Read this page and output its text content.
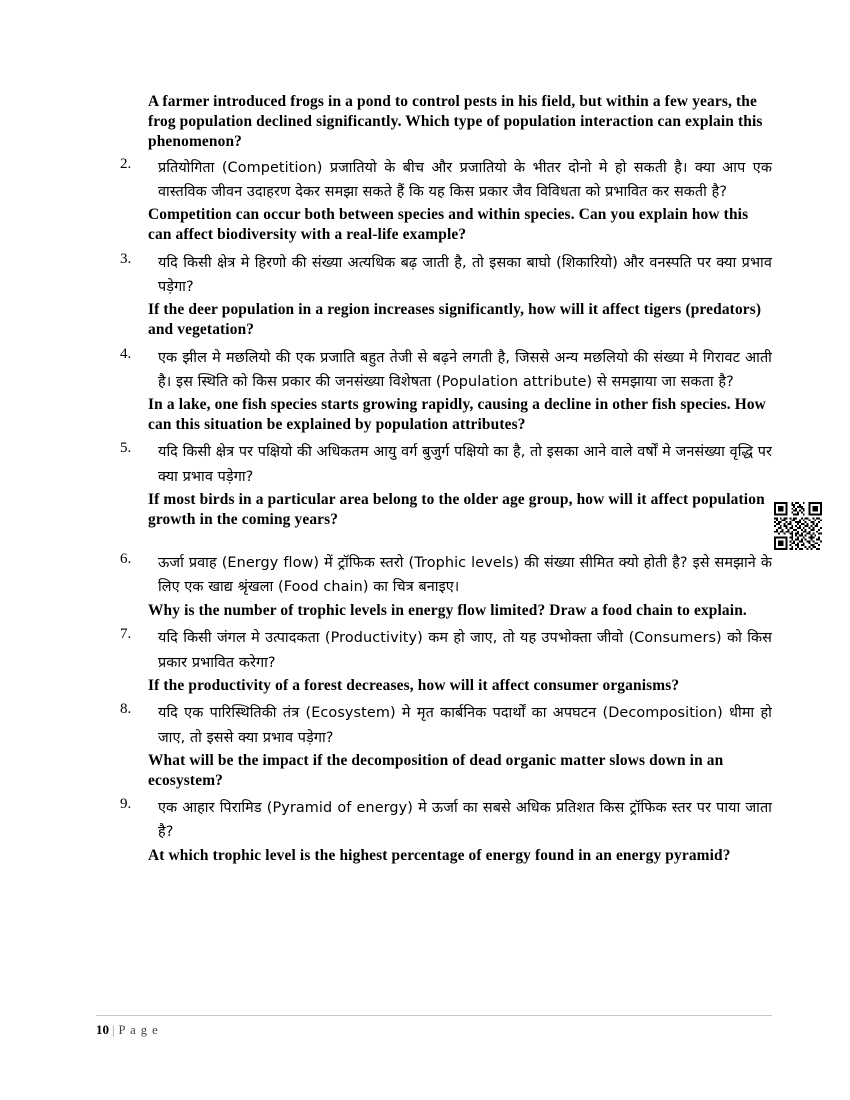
A farmer introduced frogs in a pond to control pests in his field, but within a few years, the frog population declined significantly. Which type of population interaction can explain this phenomenon?

2.	प्रतियोगिता (Competition) प्रजातियो के बीच और प्रजातियो के भीतर दोनो मे हो सकती है। क्या आप एक वास्तविक जीवन उदाहरण देकर समझा सकते हैं कि यह किस प्रकार जैव विविधता को प्रभावित कर सकती है?

Competition can occur both between species and within species. Can you explain how this can affect biodiversity with a real-life example?

3.	यदि किसी क्षेत्र मे हिरणो की संख्या अत्यधिक बढ़ जाती है, तो इसका बाघो (शिकारियो) और वनस्पति पर क्या प्रभाव पड़ेगा?

If the deer population in a region increases significantly, how will it affect tigers (predators) and vegetation?

4.	एक झील मे मछलियो की एक प्रजाति बहुत तेजी से बढ़ने लगती है, जिससे अन्य मछलियो की संख्या मे गिरावट आती है। इस स्थिति को किस प्रकार की जनसंख्या विशेषता (Population attribute) से समझाया जा सकता है?

In a lake, one fish species starts growing rapidly, causing a decline in other fish species. How can this situation be explained by population attributes?

5.	यदि किसी क्षेत्र पर पक्षियो की अधिकतम आयु वर्ग बुजुर्ग पक्षियो का है, तो इसका आने वाले वर्षों मे जनसंख्या वृद्धि पर क्या प्रभाव पड़ेगा?

If most birds in a particular area belong to the older age group, how will it affect population growth in the coming years?

6.	ऊर्जा प्रवाह (Energy flow) में ट्रॉफिक स्तरो (Trophic levels) की संख्या सीमित क्यो होती है? इसे समझाने के लिए एक खाद्य श्रृंखला (Food chain) का चित्र बनाइए।

Why is the number of trophic levels in energy flow limited? Draw a food chain to explain.

7.	यदि किसी जंगल मे उत्पादकता (Productivity) कम हो जाए, तो यह उपभोक्ता जीवो (Consumers) को किस प्रकार प्रभावित करेगा?

If the productivity of a forest decreases, how will it affect consumer organisms?

8.	यदि एक पारिस्थितिकी तंत्र (Ecosystem) मे मृत कार्बनिक पदार्थों का अपघटन (Decomposition) धीमा हो जाए, तो इससे क्या प्रभाव पड़ेगा?

What will be the impact if the decomposition of dead organic matter slows down in an ecosystem?

9.	एक आहार पिरामिड (Pyramid of energy) मे ऊर्जा का सबसे अधिक प्रतिशत किस ट्रॉफिक स्तर पर पाया जाता है?

At which trophic level is the highest percentage of energy found in an energy pyramid?

10 | P a g e
